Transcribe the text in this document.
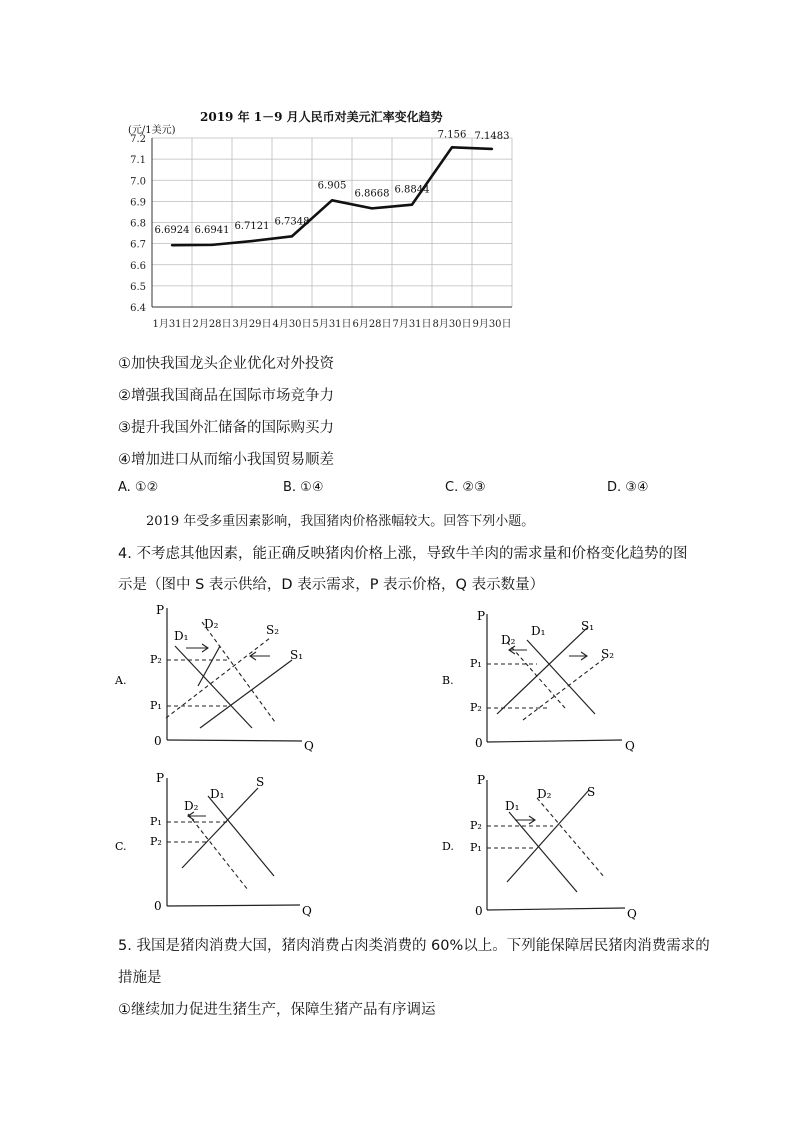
2019 年 1－9 月人民币对美元汇率变化趋势
(元/1美元)
6.4
6.5
6.6
6.7
6.8
6.9
7.0
7.1
7.2
1月31日 2月28日 3月29日 4月30日 5月31日 6月28日 7月31日 8月30日 9月30日
6.6924 6.6941 6.7121 6.7348
6.905
6.8668 6.8844
7.156 7.1483
①加快我国龙头企业优化对外投资
②增强我国商品在国际市场竞争力
③提升我国外汇储备的国际购买力
④增加进口从而缩小我国贸易顺差
A. ①②	B. ①④	C. ②③	D. ③④
2019 年受多重因素影响，我国猪肉价格涨幅较大。回答下列小题。
4. 不考虑其他因素，能正确反映猪肉价格上涨，导致牛羊肉的需求量和价格变化趋势的图
示是（图中 S 表示供给，D 表示需求，P 表示价格，Q 表示数量）
A.
P
Q
0
D₁
D₂	S₂
S₁
P₂
P₁
B.
P
Q
0
D₂
D₁	S₁
S₂
P₁
P₂
C.
P
Q
0
D₁
D₂
S
P₁
P₂	D.
P
Q
0
D₁
D₂	S
P₂
P₁
5. 我国是猪肉消费大国，猪肉消费占肉类消费的 60%以上。下列能保障居民猪肉消费需求的
措施是
①继续加力促进生猪生产，保障生猪产品有序调运
